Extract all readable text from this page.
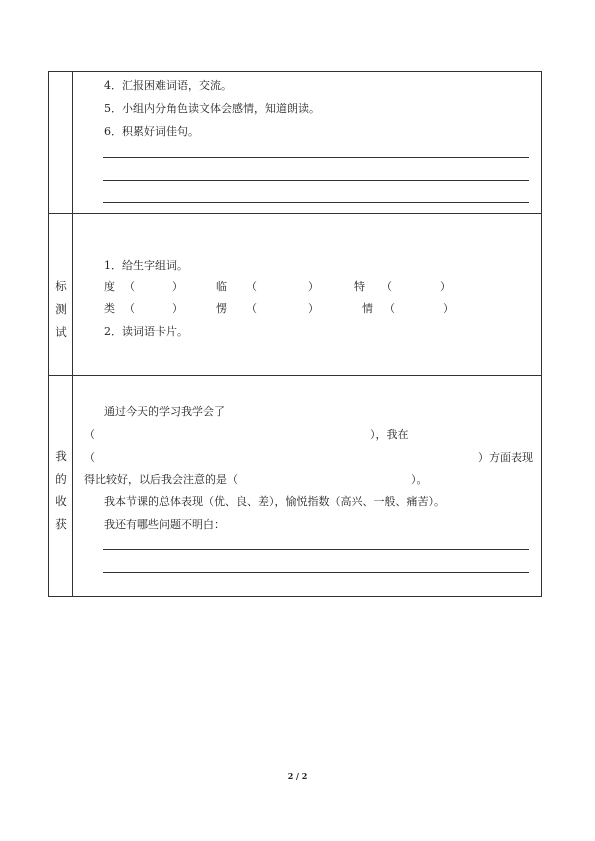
4．汇报困难词语，交流。
5．小组内分角色读文体会感情，知道朗读。
6．积累好词佳句。
标
测
试
1．给生字组词。
度 （	）	临 （	）	特 （	）
类 （	）	愣 （	）	情 （	）
2．读词语卡片。
我
的
收
获
通过今天的学习我学会了
（	），我在
（	）方面表现
得比较好，以后我会注意的是（	）。
我本节课的总体表现（优、良、差），愉悦指数（高兴、一般、痛苦）。
我还有哪些问题不明白：
2 / 2
